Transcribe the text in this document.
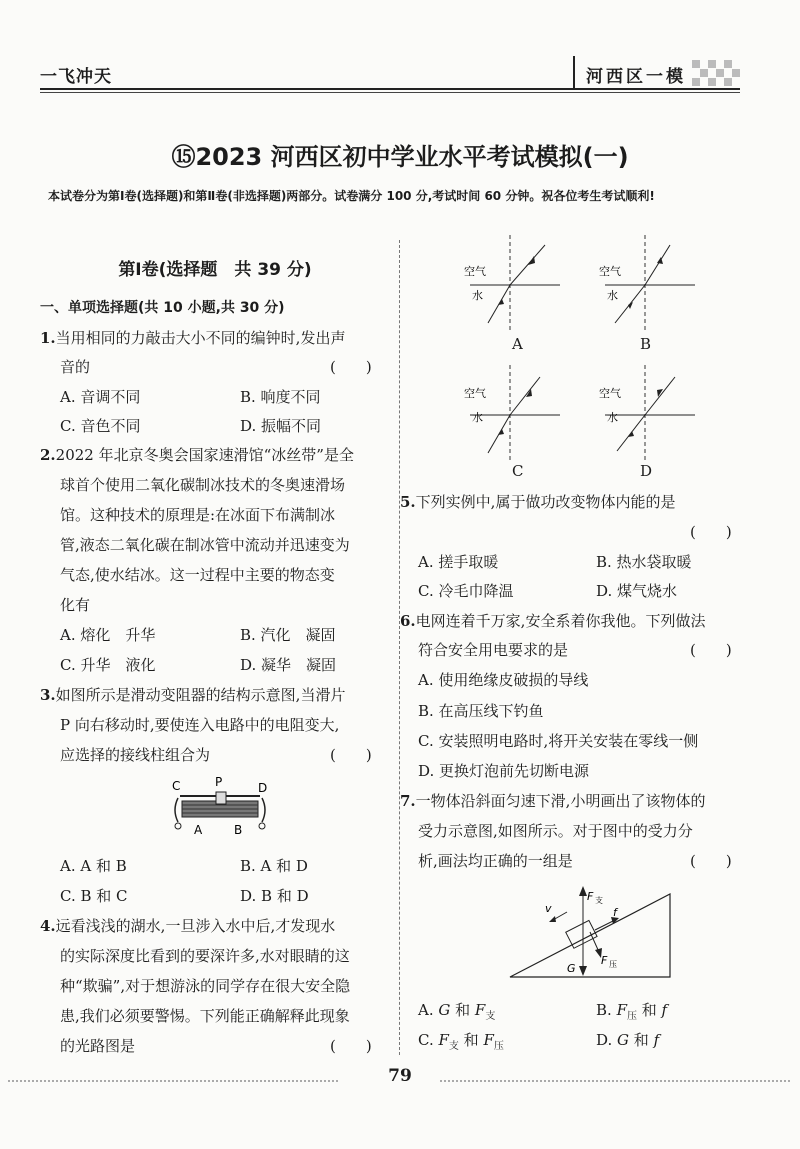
一飞冲天	河西区一模
⑮2023 河西区初中学业水平考试模拟(一)
本试卷分为第Ⅰ卷(选择题)和第Ⅱ卷(非选择题)两部分。试卷满分 100 分,考试时间 60 分钟。祝各位考生考试顺利!
第Ⅰ卷(选择题　共 39 分)
一、单项选择题(共 10 小题,共 30 分)
1.当用相同的力敲击大小不同的编钟时,发出声
音的	(　　)
A. 音调不同	B. 响度不同
C. 音色不同	D. 振幅不同
2.2022 年北京冬奥会国家速滑馆“冰丝带”是全
球首个使用二氧化碳制冰技术的冬奥速滑场
馆。这种技术的原理是:在冰面下布满制冰
管,液态二氧化碳在制冰管中流动并迅速变为
气态,使水结冰。这一过程中主要的物态变
化有
A. 熔化　升华	B. 汽化　凝固
C. 升华　液化	D. 凝华　凝固
3.如图所示是滑动变阻器的结构示意图,当滑片
P 向右移动时,要使连入电路中的电阻变大,
应选择的接线柱组合为	(　　)
C	P	D
A	B
A. A 和 B	B. A 和 D
C. B 和 C	D. B 和 D
4.远看浅浅的湖水,一旦涉入水中后,才发现水
的实际深度比看到的要深许多,水对眼睛的这
种“欺骗”,对于想游泳的同学存在很大安全隐
患,我们必须要警惕。下列能正确解释此现象
的光路图是	(　　)
空气
水
A
空气
水
B
空气
水
C
空气
水
D
5.下列实例中,属于做功改变物体内能的是
(　　)
A. 搓手取暖	B. 热水袋取暖
C. 冷毛巾降温	D. 煤气烧水
6.电网连着千万家,安全系着你我他。下列做法
符合安全用电要求的是	(　　)
A. 使用绝缘皮破损的导线
B. 在高压线下钓鱼
C. 安装照明电路时,将开关安装在零线一侧
D. 更换灯泡前先切断电源
7.一物体沿斜面匀速下滑,小明画出了该物体的
受力示意图,如图所示。对于图中的受力分
析,画法均正确的一组是	(　　)
v
F 支
f
G
F 压
A. G 和 $F_支$	B. $F_压$ 和 f
C. $F_支$ 和 $F_压$	D. G 和 f
79
